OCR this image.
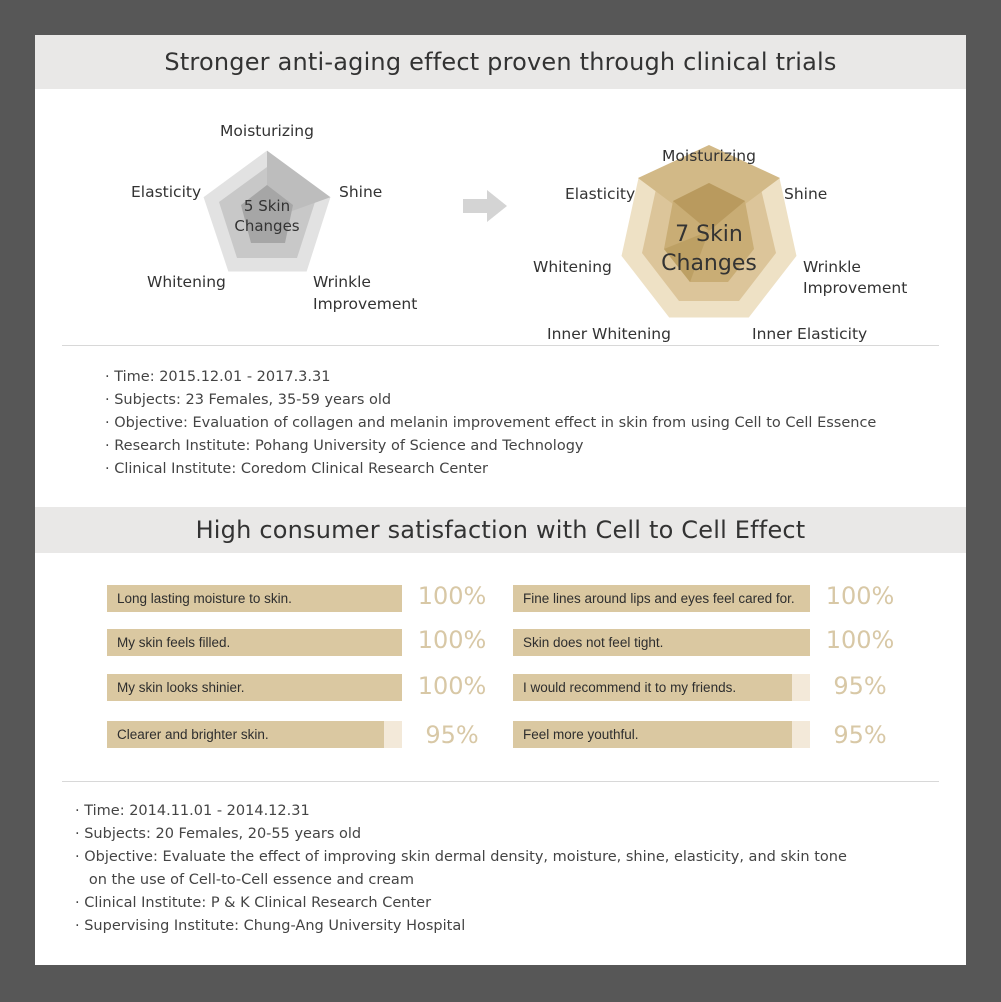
Stronger anti-aging effect proven through clinical trials
5 Skin
Changes
Moisturizing
Shine
Wrinkle
Improvement
Whitening
Elasticity
7 Skin
Changes
Moisturizing
Shine
Wrinkle
Improvement
Inner Elasticity
Inner Whitening
Whitening
Elasticity
· Time: 2015.12.01 - 2017.3.31
· Subjects: 23 Females, 35-59 years old
· Objective: Evaluation of collagen and melanin improvement effect in skin from using Cell to Cell Essence
· Research Institute: Pohang University of Science and Technology
· Clinical Institute: Coredom Clinical Research Center
High consumer satisfaction with Cell to Cell Effect
Long lasting moisture to skin.	100%
My skin feels filled.	100%
My skin looks shinier.	100%
Clearer and brighter skin.	95%
Fine lines around lips and eyes feel cared for. 100%
Skin does not feel tight.	100%
I would recommend it to my friends.	95%
Feel more youthful.	95%
· Time: 2014.11.01 - 2014.12.31
· Subjects: 20 Females, 20-55 years old
· Objective: Evaluate the effect of improving skin dermal density, moisture, shine, elasticity, and skin tone
on the use of Cell-to-Cell essence and cream
· Clinical Institute: P & K Clinical Research Center
· Supervising Institute: Chung-Ang University Hospital
